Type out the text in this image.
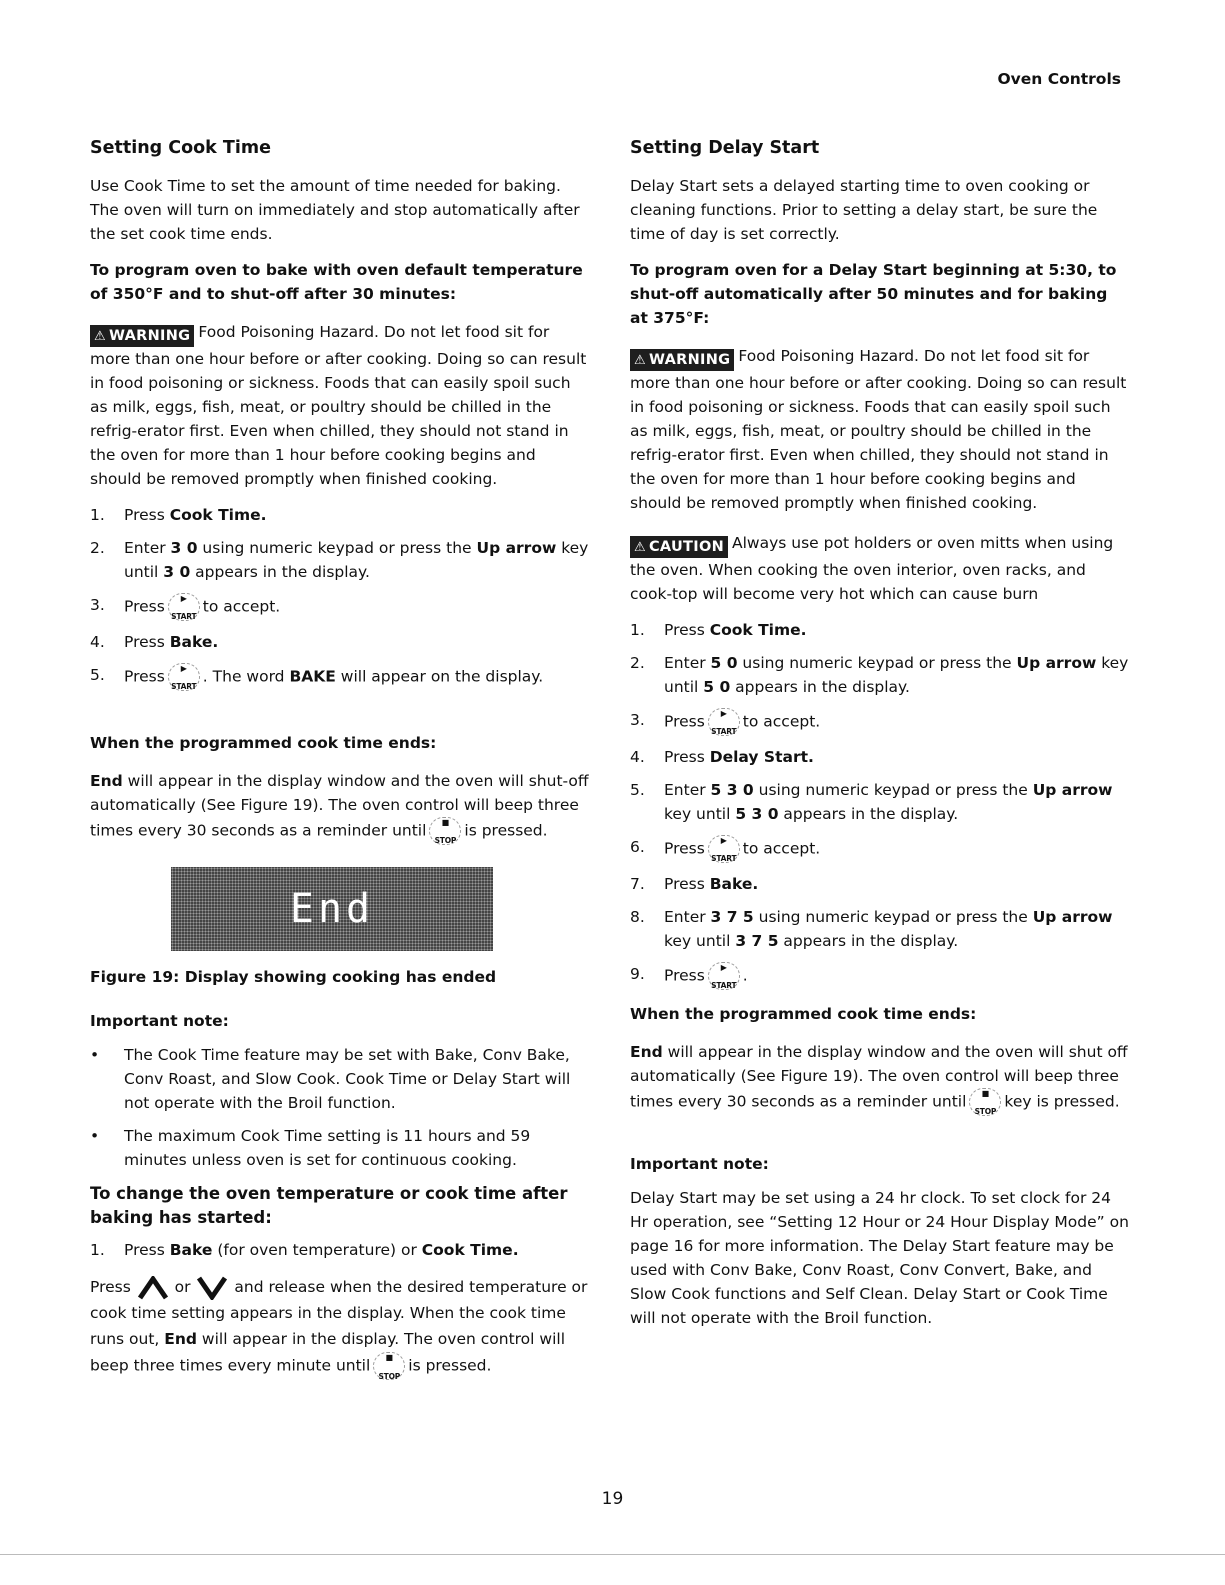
Oven Controls
Setting Cook Time

Use Cook Time to set the amount of time needed for baking. The oven will turn on immediately and stop automatically after the set cook time ends.

To program oven to bake with oven default temperature of 350°F and to shut-off after 30 minutes:

⚠ WARNING Food Poisoning Hazard. Do not let food sit for more than one hour before or after cooking. Doing so can result in food poisoning or sickness. Foods that can easily spoil such as milk, eggs, fish, meat, or poultry should be chilled in the refrig-erator first. Even when chilled, they should not stand in the oven for more than 1 hour before cooking begins and should be removed promptly when finished cooking.

1. Press Cook Time.
2. Enter 3 0 using numeric keypad or press the Up arrow key until 3 0 appears in the display.
3. Press	▶
START
to accept.
4. Press Bake.
5. Press	▶
START
. The word BAKE will appear on the display.

When the programmed cook time ends:

End will appear in the display window and the oven will shut-off automatically (See Figure 19). The oven control will beep three times every 30 seconds as a reminder until	■
STOP
is pressed.

End

Figure 19: Display showing cooking has ended

Important note:

• The Cook Time feature may be set with Bake, Conv Bake, Conv Roast, and Slow Cook. Cook Time or Delay Start will not operate with the Broil function.
• The maximum Cook Time setting is 11 hours and 59 minutes unless oven is set for continuous cooking.

To change the oven temperature or cook time after baking has started:

1. Press Bake (for oven temperature) or Cook Time.

Press	or	and release when the desired temperature or cook time setting appears in the display. When the cook time runs out, End will appear in the display. The oven control will beep three times every minute until	■
STOP
is pressed.

Setting Delay Start

Delay Start sets a delayed starting time to oven cooking or cleaning functions. Prior to setting a delay start, be sure the time of day is set correctly.

To program oven for a Delay Start beginning at 5:30, to shut-off automatically after 50 minutes and for baking at 375°F:

⚠ WARNING Food Poisoning Hazard. Do not let food sit for more than one hour before or after cooking. Doing so can result in food poisoning or sickness. Foods that can easily spoil such as milk, eggs, fish, meat, or poultry should be chilled in the refrig-erator first. Even when chilled, they should not stand in the oven for more than 1 hour before cooking begins and should be removed promptly when finished cooking.

⚠ CAUTION Always use pot holders or oven mitts when using the oven. When cooking the oven interior, oven racks, and cook-top will become very hot which can cause burn

1. Press Cook Time.
2. Enter 5 0 using numeric keypad or press the Up arrow key until 5 0 appears in the display.
3. Press	▶
START
to accept.
4. Press Delay Start.
5. Enter 5 3 0 using numeric keypad or press the Up arrow key until 5 3 0 appears in the display.
6. Press	▶
START
to accept.
7. Press Bake.
8. Enter 3 7 5 using numeric keypad or press the Up arrow key until 3 7 5 appears in the display.
9. Press	▶
START
.

When the programmed cook time ends:

End will appear in the display window and the oven will shut off automatically (See Figure 19). The oven control will beep three times every 30 seconds as a reminder until	■
STOP
key is pressed.

Important note:

Delay Start may be set using a 24 hr clock. To set clock for 24 Hr operation, see “Setting 12 Hour or 24 Hour Display Mode” on page 16 for more information. The Delay Start feature may be used with Conv Bake, Conv Roast, Conv Convert, Bake, and Slow Cook functions and Self Clean. Delay Start or Cook Time will not operate with the Broil function.

19
